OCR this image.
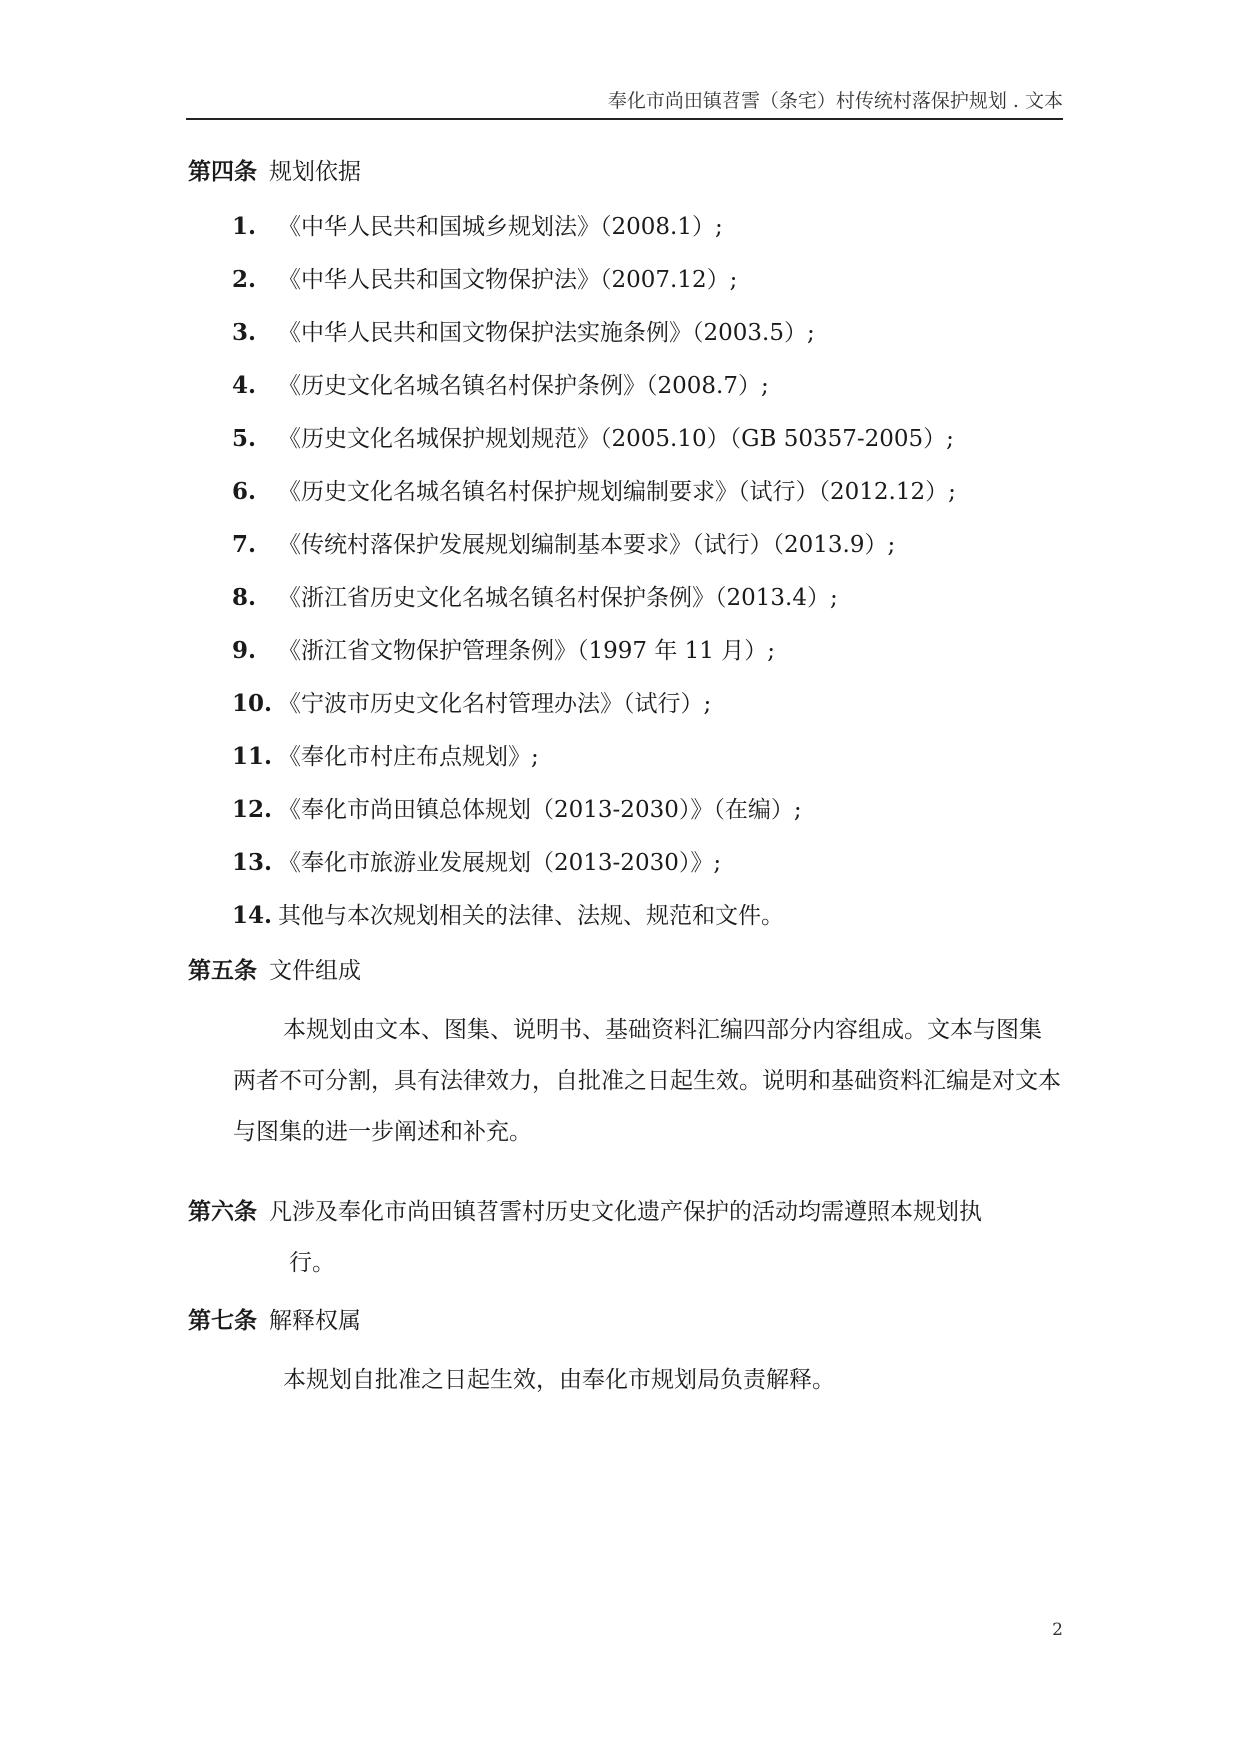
奉化市尚田镇苕霅（条宅）村传统村落保护规划 . 文本
第四条 规划依据
1. 《中华人民共和国城乡规划法》（2008.1）;
2. 《中华人民共和国文物保护法》（2007.12）;
3. 《中华人民共和国文物保护法实施条例》（2003.5）;
4. 《历史文化名城名镇名村保护条例》（2008.7）;
5. 《历史文化名城保护规划规范》（2005.10）（GB 50357-2005）;
6. 《历史文化名城名镇名村保护规划编制要求》（试行）（2012.12）;
7. 《传统村落保护发展规划编制基本要求》（试行）（2013.9）;
8. 《浙江省历史文化名城名镇名村保护条例》（2013.4）;
9. 《浙江省文物保护管理条例》（1997 年 11 月）;
10. 《宁波市历史文化名村管理办法》（试行）;
11. 《奉化市村庄布点规划》;
12. 《奉化市尚田镇总体规划（2013-2030）》（在编）;
13. 《奉化市旅游业发展规划（2013-2030）》;
14. 其他与本次规划相关的法律、法规、规范和文件。
第五条 文件组成
本规划由文本、图集、说明书、基础资料汇编四部分内容组成。文本与图集两者不可分割，具有法律效力，自批准之日起生效。说明和基础资料汇编是对文本与图集的进一步阐述和补充。
第六条 凡涉及奉化市尚田镇苕霅村历史文化遗产保护的活动均需遵照本规划执
行。
第七条 解释权属
本规划自批准之日起生效，由奉化市规划局负责解释。
2
